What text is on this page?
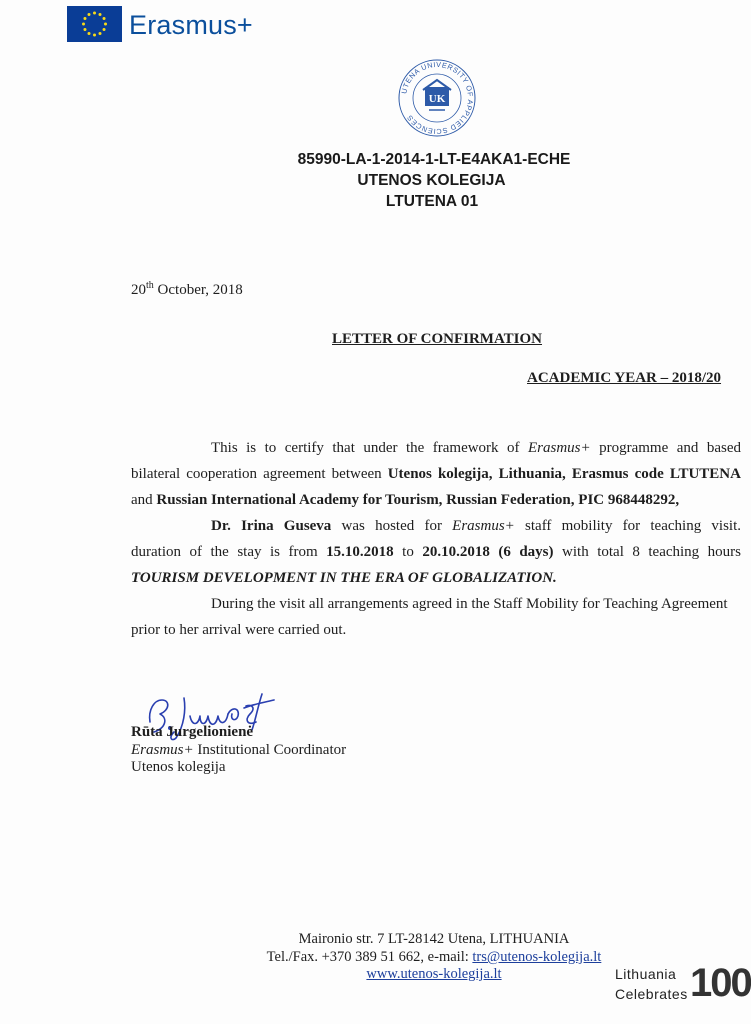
Erasmus+
UTENA UNIVERSITY OF APPLIED SCIENCES
UK
85990-LA-1-2014-1-LT-E4AKA1-ECHE
UTENOS KOLEGIJA
LTUTENA 01
20th October, 2018
LETTER OF CONFIRMATION
ACADEMIC YEAR – 2018/20
This is to certify that under the framework of Erasmus+ programme and based
bilateral cooperation agreement between Utenos kolegija, Lithuania, Erasmus code LTUTENA
and Russian International Academy for Tourism, Russian Federation, PIC 968448292,
Dr. Irina Guseva was hosted for Erasmus+ staff mobility for teaching visit.
duration of the stay is from 15.10.2018 to 20.10.2018 (6 days) with total 8 teaching hours
TOURISM DEVELOPMENT IN THE ERA OF GLOBALIZATION.
During the visit all arrangements agreed in the Staff Mobility for Teaching Agreement
prior to her arrival were carried out.
Rūta Jurgelionienė
Erasmus+ Institutional Coordinator
Utenos kolegija
Maironio str. 7 LT-28142 Utena, LITHUANIA
Tel./Fax. +370 389 51 662, e-mail: trs@utenos-kolegija.lt
www.utenos-kolegija.lt	Lithuania
Celebrates 100
